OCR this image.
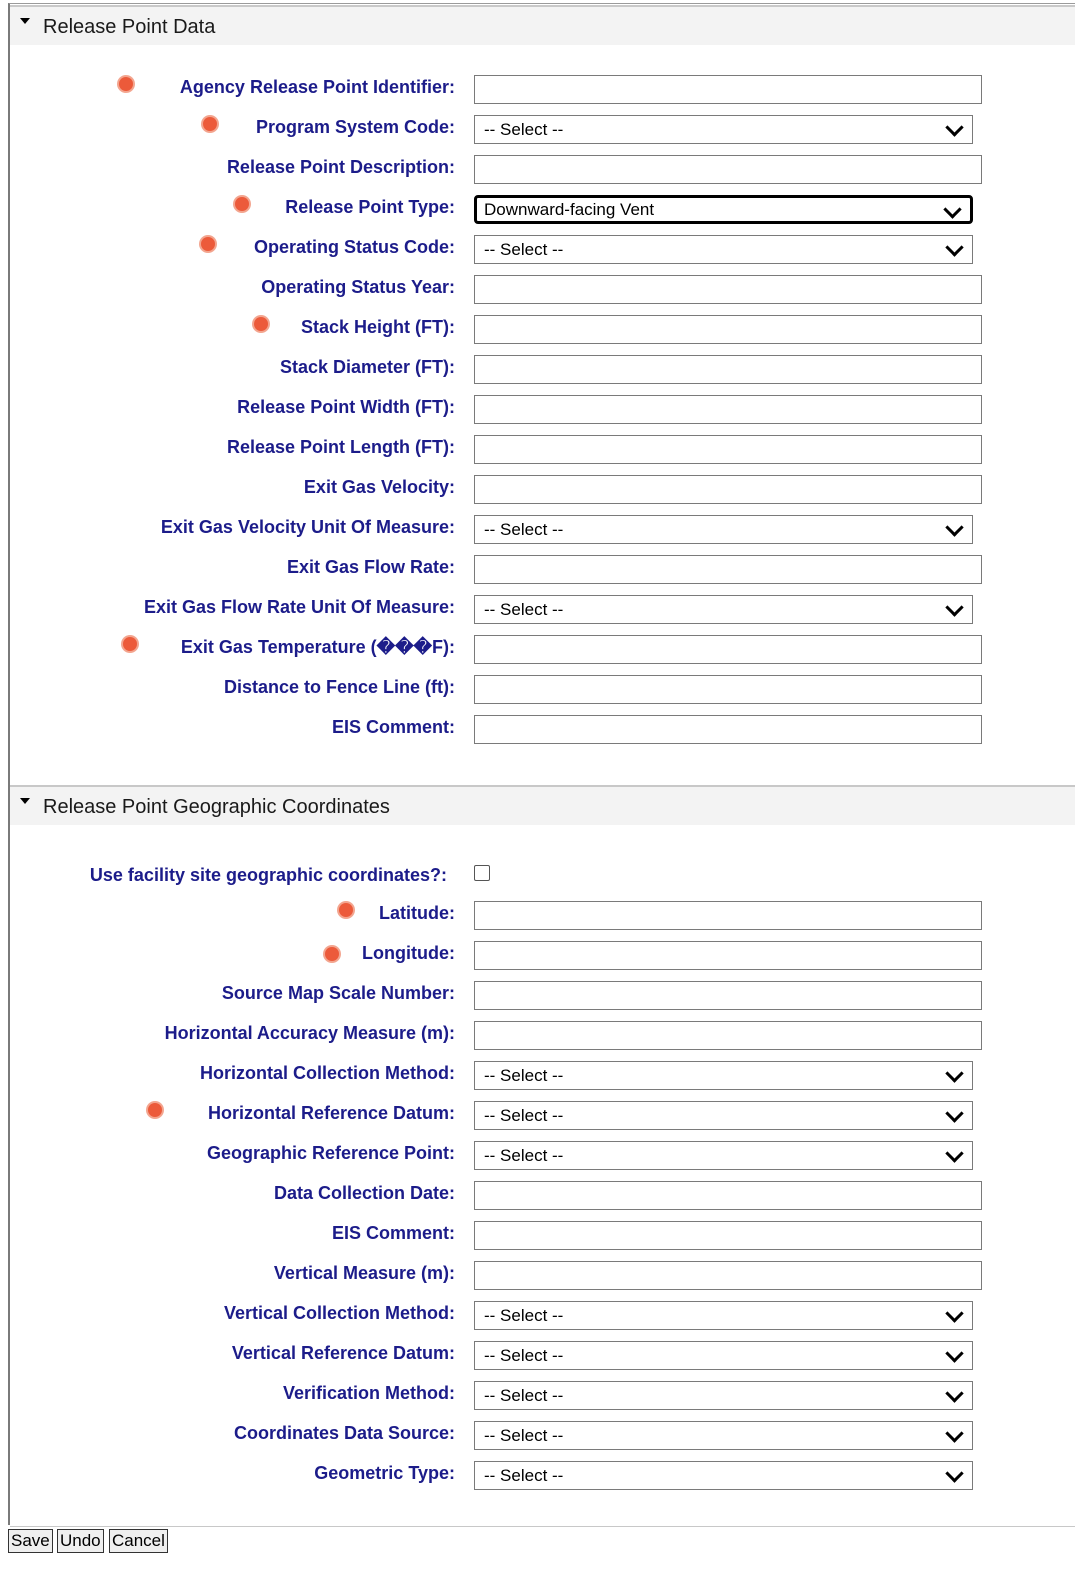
Release Point Data
Agency Release Point Identifier:
Program System Code: -- Select --
Release Point Description:
Release Point Type: Downward-facing Vent
Operating Status Code: -- Select --
Operating Status Year:
Stack Height (FT):
Stack Diameter (FT):
Release Point Width (FT):
Release Point Length (FT):
Exit Gas Velocity:
Exit Gas Velocity Unit Of Measure: -- Select --
Exit Gas Flow Rate:
Exit Gas Flow Rate Unit Of Measure: -- Select --
Exit Gas Temperature (���F):
Distance to Fence Line (ft):
EIS Comment:
Release Point Geographic Coordinates
Use facility site geographic coordinates?:
Latitude:
Longitude:
Source Map Scale Number:
Horizontal Accuracy Measure (m):
Horizontal Collection Method: -- Select --
Horizontal Reference Datum: -- Select --
Geographic Reference Point: -- Select --
Data Collection Date:
EIS Comment:
Vertical Measure (m):
Vertical Collection Method: -- Select --
Vertical Reference Datum: -- Select --
Verification Method: -- Select --
Coordinates Data Source: -- Select --
Geometric Type: -- Select --
Save Undo Cancel
